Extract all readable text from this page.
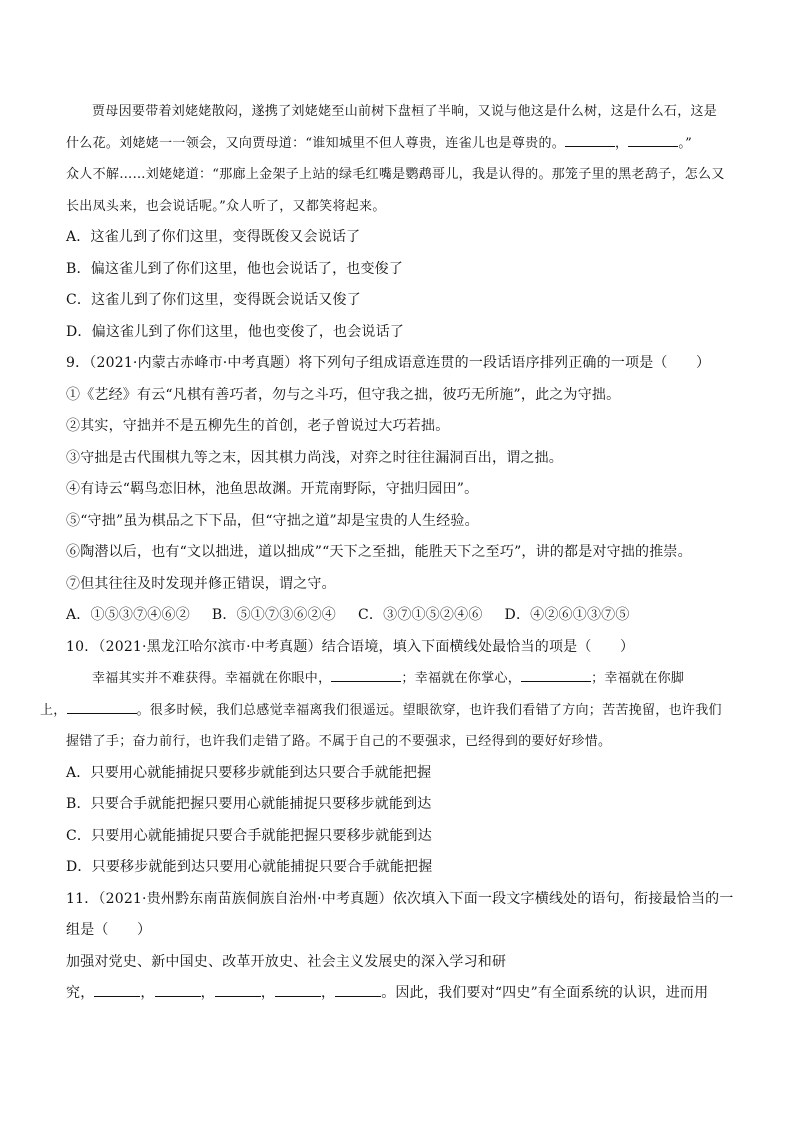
贾母因要带着刘姥姥散闷，遂携了刘姥姥至山前树下盘桓了半晌，又说与他这是什么树，这是什么石，这是什么花。刘姥姥一一领会，又向贾母道：“谁知城里不但人尊贵，连雀儿也是尊贵的。	，	。”

众人不解……刘姥姥道：“那廊上金架子上站的绿毛红嘴是鹦鹉哥儿，我是认得的。那笼子里的黑老鸹子，怎么又长出凤头来，也会说话呢。”众人听了，又都笑将起来。

A．这雀儿到了你们这里，变得既俊又会说话了

B．偏这雀儿到了你们这里，他也会说话了，也变俊了

C．这雀儿到了你们这里，变得既会说话又俊了

D．偏这雀儿到了你们这里，他也变俊了，也会说话了

9．（2021·内蒙古赤峰市·中考真题）将下列句子组成语意连贯的一段话语序排列正确的一项是（　　）

①《艺经》有云“凡棋有善巧者，勿与之斗巧，但守我之拙，彼巧无所施”，此之为守拙。

②其实，守拙并不是五柳先生的首创，老子曾说过大巧若拙。

③守拙是古代围棋九等之末，因其棋力尚浅，对弈之时往往漏洞百出，谓之拙。

④有诗云“羁鸟恋旧林，池鱼思故渊。开荒南野际，守拙归园田”。

⑤“守拙”虽为棋品之下下品，但“守拙之道”却是宝贵的人生经验。

⑥陶潜以后，也有“文以拙进，道以拙成”“天下之至拙，能胜天下之至巧”，讲的都是对守拙的推崇。

⑦但其往往及时发现并修正错误，谓之守。

A．①⑤③⑦④⑥② B．⑤①⑦③⑥②④ C．③⑦①⑤②④⑥ D．④②⑥①③⑦⑤

10．（2021·黑龙江哈尔滨市·中考真题）结合语境，填入下面横线处最恰当的项是（　　）

幸福其实并不难获得。幸福就在你眼中，	；幸福就在你掌心，	；幸福就在你脚
上，	。很多时候，我们总感觉幸福离我们很遥远。望眼欲穿，也许我们看错了方向；苦苦挽留，也许我们握错了手；奋力前行，也许我们走错了路。不属于自己的不要强求，已经得到的要好好珍惜。

A．只要用心就能捕捉只要移步就能到达只要合手就能把握

B．只要合手就能把握只要用心就能捕捉只要移步就能到达

C．只要用心就能捕捉只要合手就能把握只要移步就能到达

D．只要移步就能到达只要用心就能捕捉只要合手就能把握

11．（2021·贵州黔东南苗族侗族自治州·中考真题）依次填入下面一段文字横线处的语句，衔接最恰当的一

组是（　　）

加强对党史、新中国史、改革开放史、社会主义发展史的深入学习和研

究，	，	，	，	，	。因此，我们要对“四史”有全面系统的认识，进而用
